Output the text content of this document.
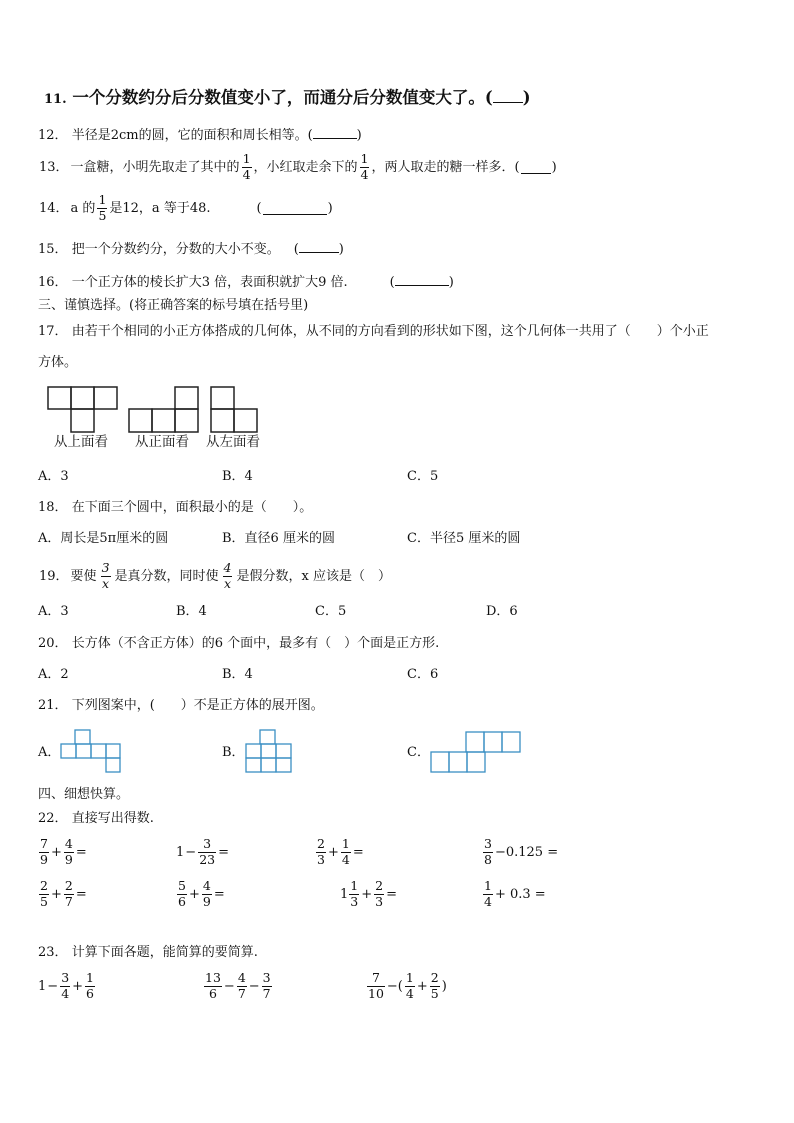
11. 一个分数约分后分数值变小了，而通分后分数值变大了。( )
12． 半径是2cm的圆，它的面积和周长相等。(	)
13． 一盒糖，小明先取走了其中的 $\frac{1}{4}$ ，小红取走余下的 $\frac{1}{4}$ ，两人取走的糖一样多．( )
14． a 的 $\frac{1}{5}$ 是12，a 等于48.	(	)
15． 把一个分数约分，分数的大小不变。 (	)
16． 一个正方体的棱长扩大3 倍，表面积就扩大9 倍.	(	)
三、谨慎选择。(将正确答案的标号填在括号里)
17． 由若干个相同的小正方体搭成的几何体，从不同的方向看到的形状如下图，这个几何体一共用了（　　）个小正
方体。
从上面看 从正面看 从左面看
A．3	B．4	C．5
18． 在下面三个圆中，面积最小的是（　　）。
A．周长是5π厘米的圆	B．直径6 厘米的圆	C．半径5 厘米的圆
19． 要使 $\frac{3}{x}$ 是真分数，同时使 $\frac{4}{x}$ 是假分数，x 应该是（　）
A．3	B．4	C．5	D．6
20． 长方体（不含正方体）的6 个面中，最多有（　）个面是正方形.
A．2	B．4	C．6
21． 下列图案中，(　　）不是正方体的展开图。
A．	B．	C．
四、细想快算。
22． 直接写出得数.
$\frac{7}{9} + \frac{4}{9}$ =	$1- \frac{3}{23}$ =	$\frac{2}{3} + \frac{1}{4}$ =	$\frac{3}{8} -0.125$ =
$\frac{2}{5} + \frac{2}{7}$ =	$\frac{5}{6} + \frac{4}{9}$ =	$1 \frac{1}{3} + \frac{2}{3}$ =	$\frac{1}{4} + 0.3$ =
23． 计算下面各题，能简算的要简算.
$1- \frac{3}{4} + \frac{1}{6}$	$\frac{13}{6} - \frac{4}{7} - \frac{3}{7}$	$\frac{7}{10}$ −( $\frac{1}{4} + \frac{2}{5}$ )
